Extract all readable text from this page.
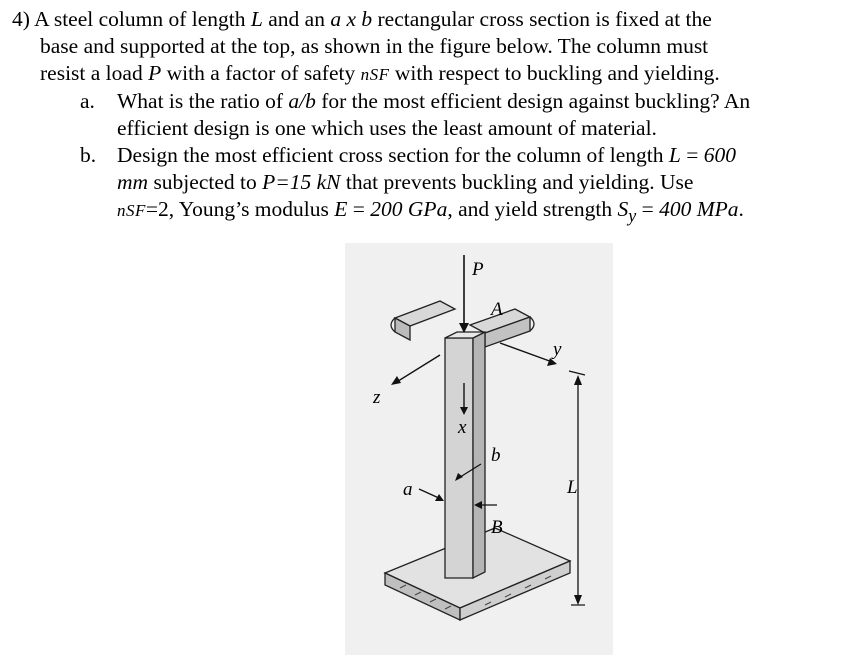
4) A steel column of length L and an a x b rectangular cross section is fixed at the
base and supported at the top, as shown in the figure below. The column must
resist a load P with a factor of safety nSF with respect to buckling and yielding.
a. What is the ratio of a/b for the most efficient design against buckling? An
efficient design is one which uses the least amount of material.
b. Design the most efficient cross section for the column of length L = 600
mm subjected to P=15 kN that prevents buckling and yielding. Use
nSF=2, Young’s modulus E = 200 GPa, and yield strength $S_y = 400$ MPa.
P
A
y
z
x
b
a
B
L
